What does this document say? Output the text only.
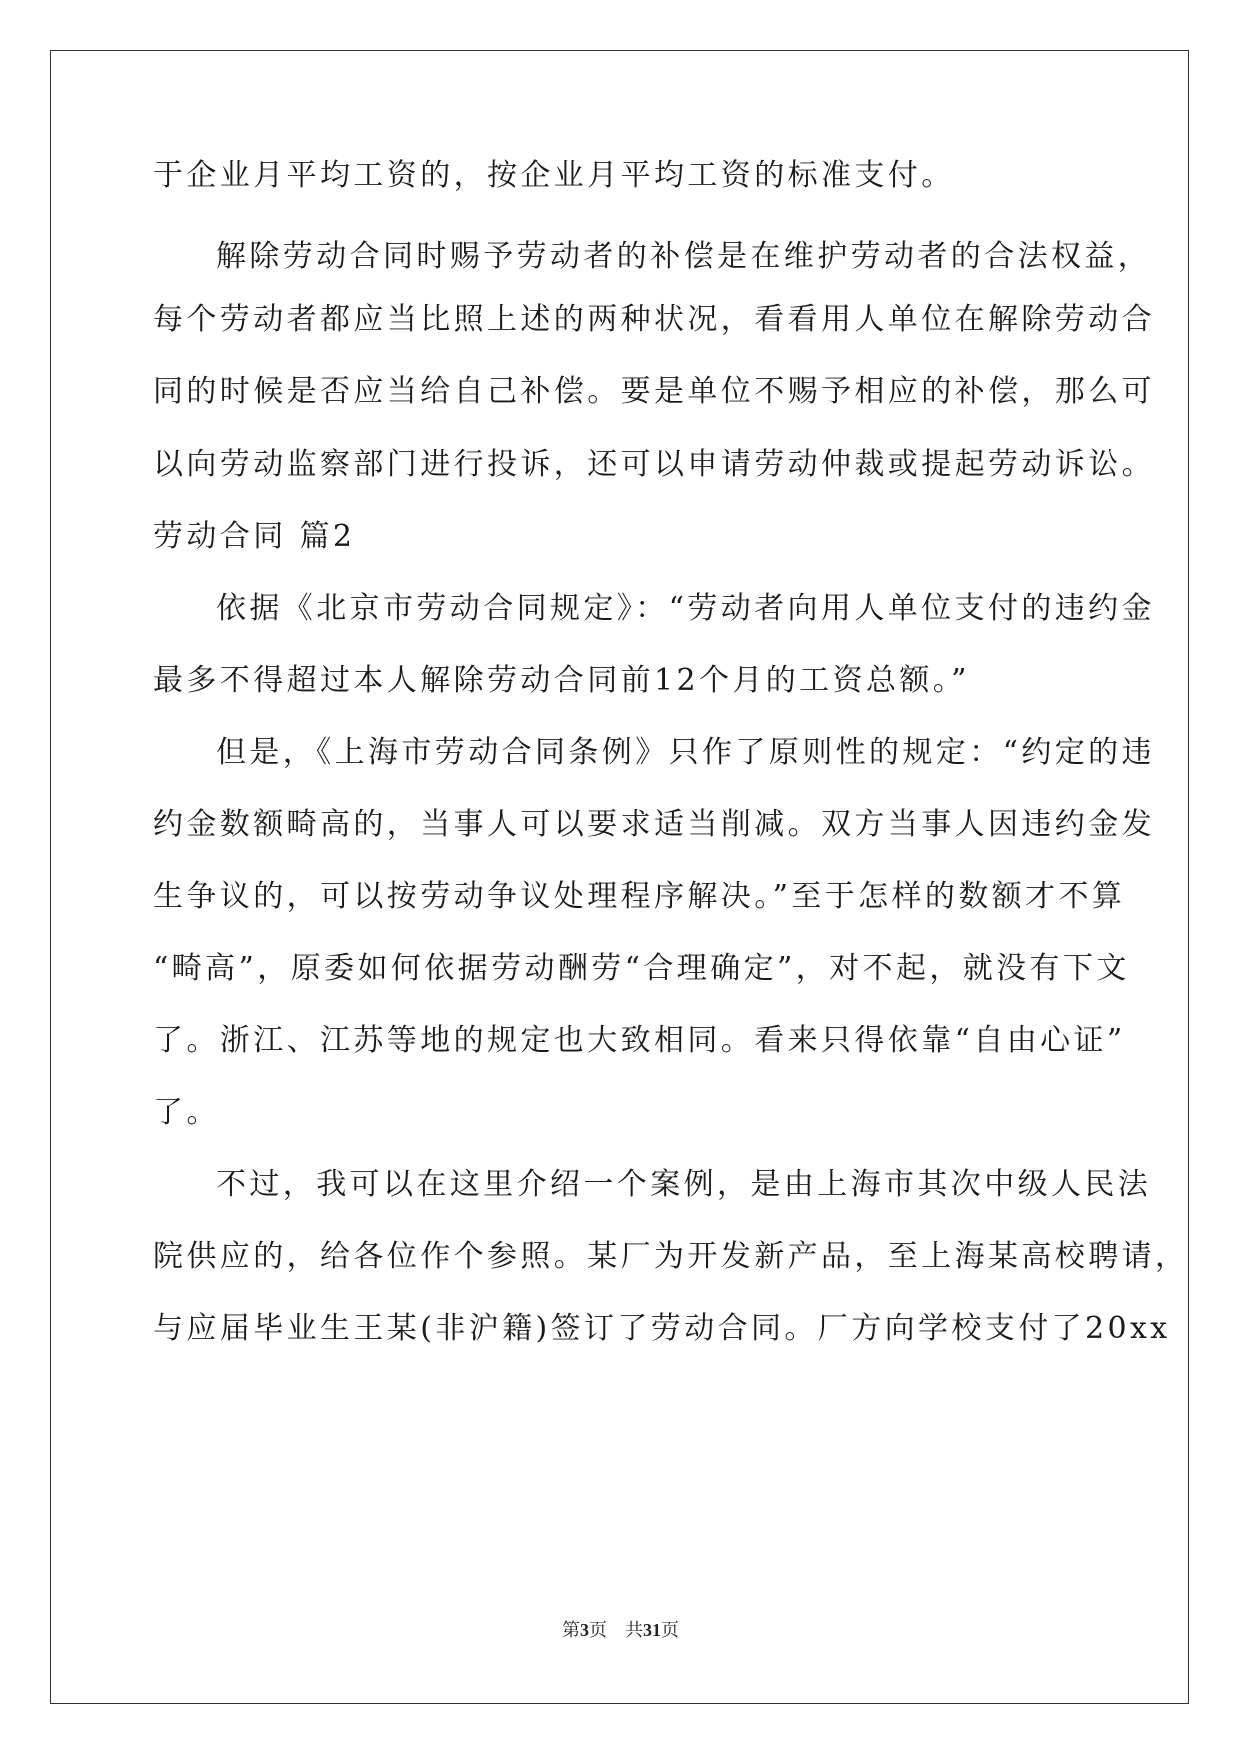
于企业月平均工资的，按企业月平均工资的标准支付。
解除劳动合同时赐予劳动者的补偿是在维护劳动者的合法权益，
每个劳动者都应当比照上述的两种状况，看看用人单位在解除劳动合
同的时候是否应当给自己补偿。要是单位不赐予相应的补偿，那么可
以向劳动监察部门进行投诉，还可以申请劳动仲裁或提起劳动诉讼。
劳动合同 篇2
依据《北京市劳动合同规定》：“劳动者向用人单位支付的违约金
最多不得超过本人解除劳动合同前12个月的工资总额。”
但是，《上海市劳动合同条例》只作了原则性的规定：“约定的违
约金数额畸高的，当事人可以要求适当削减。双方当事人因违约金发
生争议的，可以按劳动争议处理程序解决。”至于怎样的数额才不算
“畸高”，原委如何依据劳动酬劳“合理确定”，对不起，就没有下文
了。浙江、江苏等地的规定也大致相同。看来只得依靠“自由心证”
了。
不过，我可以在这里介绍一个案例，是由上海市其次中级人民法
院供应的，给各位作个参照。某厂为开发新产品，至上海某高校聘请，
与应届毕业生王某(非沪籍)签订了劳动合同。厂方向学校支付了20xx
第3页　共31页
